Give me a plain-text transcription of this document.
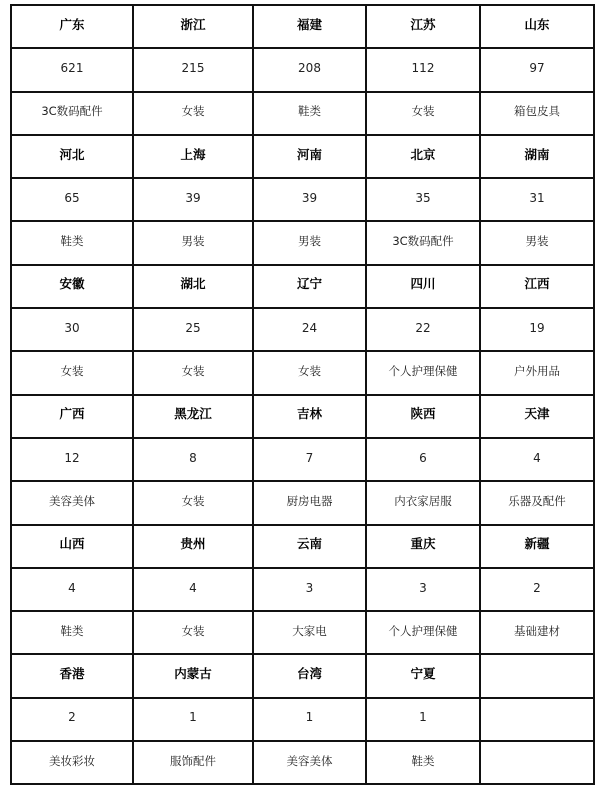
广东	浙江	福建	江苏	山东
621	215	208	112	97
3C数码配件	女装	鞋类	女装	箱包皮具
河北	上海	河南	北京	湖南
65	39	39	35	31
鞋类	男装	男装	3C数码配件	男装
安徽	湖北	辽宁	四川	江西
30	25	24	22	19
女装	女装	女装	个人护理保健	户外用品
广西	黑龙江	吉林	陕西	天津
12	8	7	6	4
美容美体	女装	厨房电器	内衣家居服	乐器及配件
山西	贵州	云南	重庆	新疆
4	4	3	3	2
鞋类	女装	大家电	个人护理保健	基础建材
香港	内蒙古	台湾	宁夏	
2	1	1	1	
美妆彩妆	服饰配件	美容美体	鞋类	
